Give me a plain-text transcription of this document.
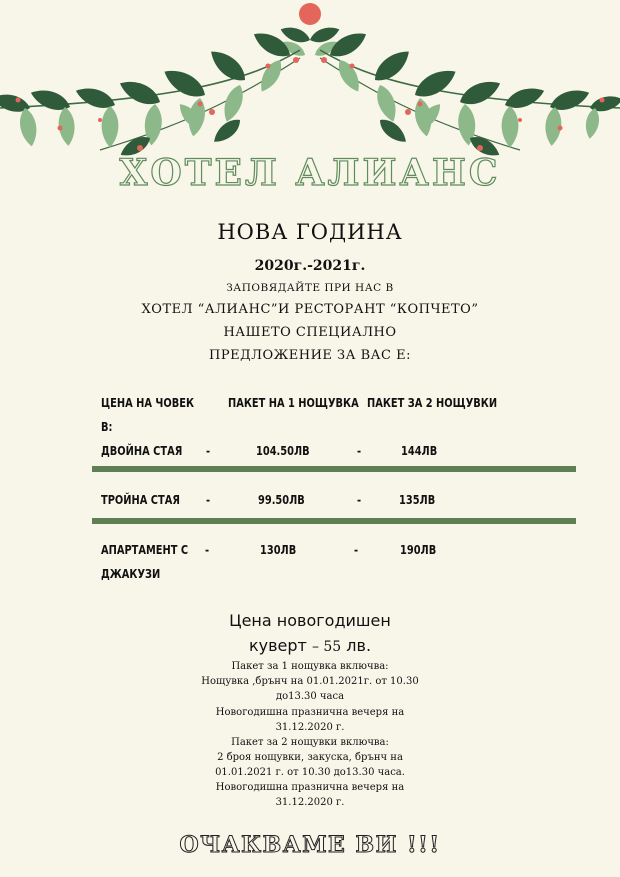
ХОТЕЛ АЛИАНС
НОВА ГОДИНА
2020г.-2021г.
ЗАПОВЯДАЙТЕ ПРИ НАС В
ХОТЕЛ “АЛИАНС”И РЕСТОРАНТ “КОПЧЕТО”
НАШЕТО СПЕЦИАЛНО
ПРЕДЛОЖЕНИЕ ЗА ВАС Е:
ЦЕНА НА ЧОВЕК
В:
ПАКЕТ НА 1 НОЩУВКА ПАКЕТ ЗА 2 НОЩУВКИ
ДВОЙНА СТАЯ -	104.50ЛВ	-	144ЛВ
ТРОЙНА СТАЯ -	99.50ЛВ	-	135ЛВ
АПАРТАМЕНТ С
ДЖАКУЗИ
-	130ЛВ	-	190ЛВ
Цена новогодишен
куверт – 55 лв.
Пакет за 1 нощувка включва:
Нощувка ,брънч на 01.01.2021г. от 10.30
до13.30 часа
Новогодишна празнична вечеря на
31.12.2020 г.
Пакет за 2 нощувки включва:
2 броя нощувки, закуска, брънч на
01.01.2021 г. от 10.30 до13.30 часа.
Новогодишна празнична вечеря на
31.12.2020 г.
ОЧАКВАМЕ ВИ !!!
